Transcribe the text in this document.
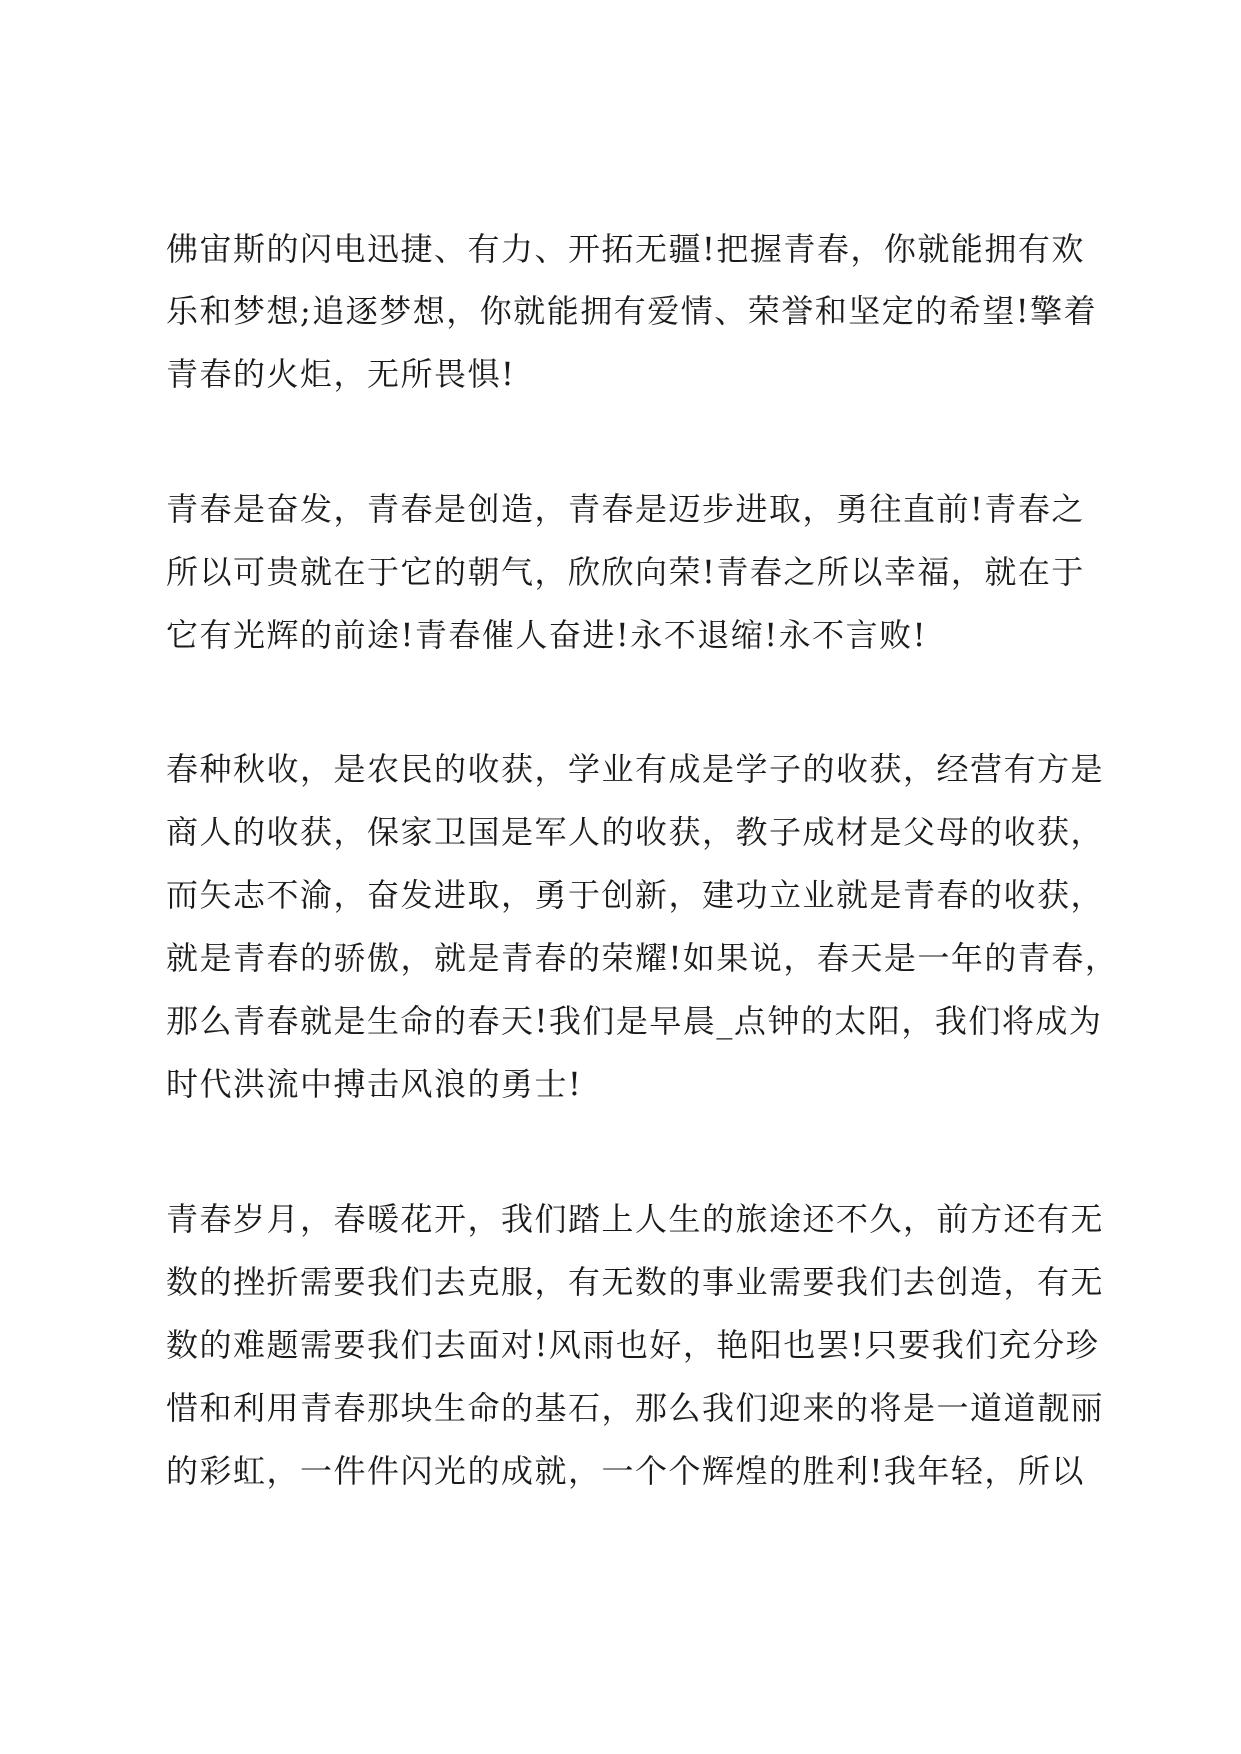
佛宙斯的闪电迅捷、有力、开拓无疆!把握青春，你就能拥有欢
乐和梦想;追逐梦想，你就能拥有爱情、荣誉和坚定的希望!擎着
青春的火炬，无所畏惧!
青春是奋发，青春是创造，青春是迈步进取，勇往直前!青春之
所以可贵就在于它的朝气，欣欣向荣!青春之所以幸福，就在于
它有光辉的前途!青春催人奋进!永不退缩!永不言败!
春种秋收，是农民的收获，学业有成是学子的收获，经营有方是
商人的收获，保家卫国是军人的收获，教子成材是父母的收获，
而矢志不渝，奋发进取，勇于创新，建功立业就是青春的收获，
就是青春的骄傲，就是青春的荣耀!如果说，春天是一年的青春，
那么青春就是生命的春天!我们是早晨_点钟的太阳，我们将成为
时代洪流中搏击风浪的勇士!
青春岁月，春暖花开，我们踏上人生的旅途还不久，前方还有无
数的挫折需要我们去克服，有无数的事业需要我们去创造，有无
数的难题需要我们去面对!风雨也好，艳阳也罢!只要我们充分珍
惜和利用青春那块生命的基石，那么我们迎来的将是一道道靓丽
的彩虹，一件件闪光的成就，一个个辉煌的胜利!我年轻，所以
